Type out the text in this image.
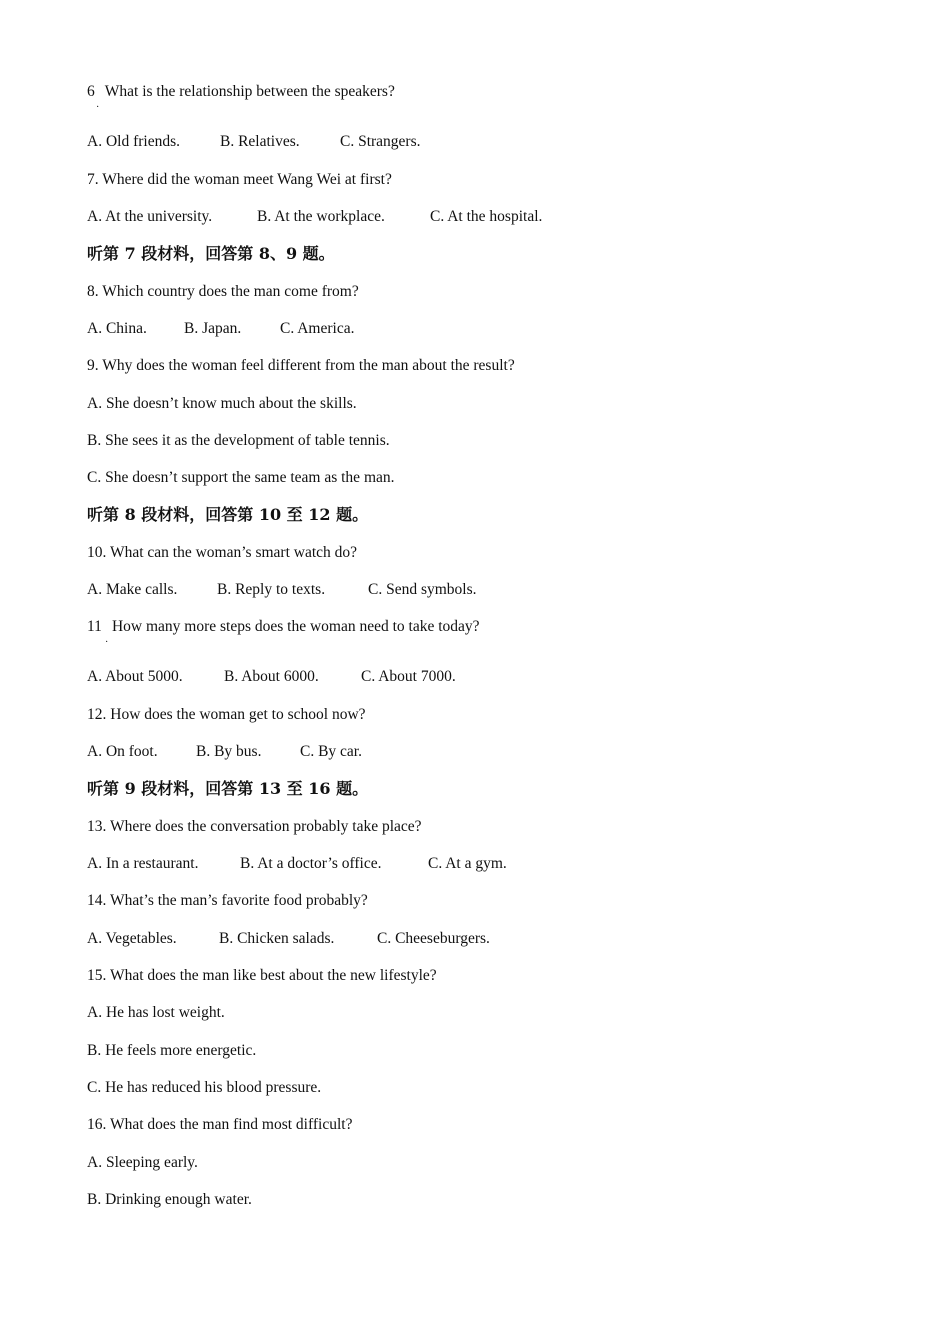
6 What is the relationship between the speakers?
·
A. Old friends.	B. Relatives.	C. Strangers.
7. Where did the woman meet Wang Wei at first?
A. At the university.	B. At the workplace.	C. At the hospital.
听第 7 段材料，回答第 8、9 题。
8. Which country does the man come from?
A. China. B. Japan. C. America.
9. Why does the woman feel different from the man about the result?
A. She doesn’t know much about the skills.
B. She sees it as the development of table tennis.
C. She doesn’t support the same team as the man.
听第 8 段材料，回答第 10 至 12 题。
10. What can the woman’s smart watch do?
A. Make calls.	B. Reply to texts.	C. Send symbols.
11 How many more steps does the woman need to take today?
·
A. About 5000.	B. About 6000.	C. About 7000.
12. How does the woman get to school now?
A. On foot. B. By bus. C. By car.
听第 9 段材料，回答第 13 至 16 题。
13. Where does the conversation probably take place?
A. In a restaurant.	B. At a doctor’s office.	C. At a gym.
14. What’s the man’s favorite food probably?
A. Vegetables.	B. Chicken salads.	C. Cheeseburgers.
15. What does the man like best about the new lifestyle?
A. He has lost weight.
B. He feels more energetic.
C. He has reduced his blood pressure.
16. What does the man find most difficult?
A. Sleeping early.
B. Drinking enough water.
